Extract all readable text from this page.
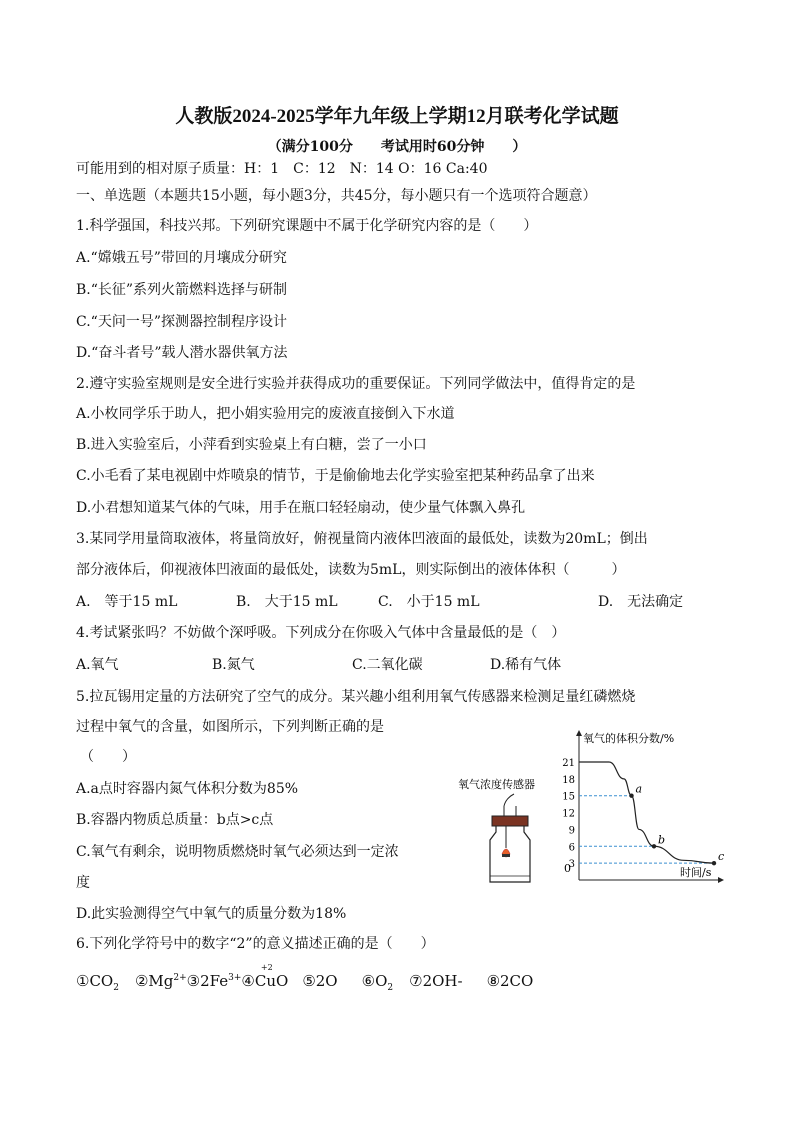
人教版2024-2025学年九年级上学期12月联考化学试题
（满分100分　　考试用时60分钟　　）
可能用到的相对原子质量：H：1　C：12　N：14 O：16 Ca:40
一、单选题（本题共15小题，每小题3分，共45分，每小题只有一个选项符合题意）
1.科学强国，科技兴邦。下列研究课题中不属于化学研究内容的是（　　）
A.“嫦娥五号”带回的月壤成分研究
B.“长征”系列火箭燃料选择与研制
C.“天问一号”探测器控制程序设计
D.“奋斗者号”载人潜水器供氧方法
2.遵守实验室规则是安全进行实验并获得成功的重要保证。下列同学做法中，值得肯定的是
A.小枚同学乐于助人，把小娟实验用完的废液直接倒入下水道
B.进入实验室后，小萍看到实验桌上有白糖，尝了一小口
C.小毛看了某电视剧中炸喷泉的情节，于是偷偷地去化学实验室把某种药品拿了出来
D.小君想知道某气体的气味，用手在瓶口轻轻扇动，使少量气体飘入鼻孔
3.某同学用量筒取液体，将量筒放好，俯视量筒内液体凹液面的最低处，读数为20mL；倒出
部分液体后，仰视液体凹液面的最低处，读数为5mL，则实际倒出的液体体积（　　　）
A.　等于15 mL	B.　大于15 mL	C.　小于15 mL	D.　无法确定
4.考试紧张吗？不妨做个深呼吸。下列成分在你吸入气体中含量最低的是（　）
A.氧气	B.氮气	C.二氧化碳	D.稀有气体
5.拉瓦锡用定量的方法研究了空气的成分。某兴趣小组利用氧气传感器来检测足量红磷燃烧
过程中氧气的含量，如图所示，下列判断正确的是
（　　）
A.a点时容器内氮气体积分数为85%
B.容器内物质总质量：b点>c点
C.氧气有剩余，说明物质燃烧时氧气必须达到一定浓
度
D.此实验测得空气中氧气的质量分数为18%
氧气浓度传感器
氧气的体积分数/%
时间/s
0
21
18
15
12
9
6
3
a
b
c
6.下列化学符号中的数字“2”的意义描述正确的是（　　）
$①CO_2$ $②Mg^{2+}③2Fe^{3+}④CuO$
+2
⑤2O $⑥O_2$ ⑦2OH- ⑧2CO
